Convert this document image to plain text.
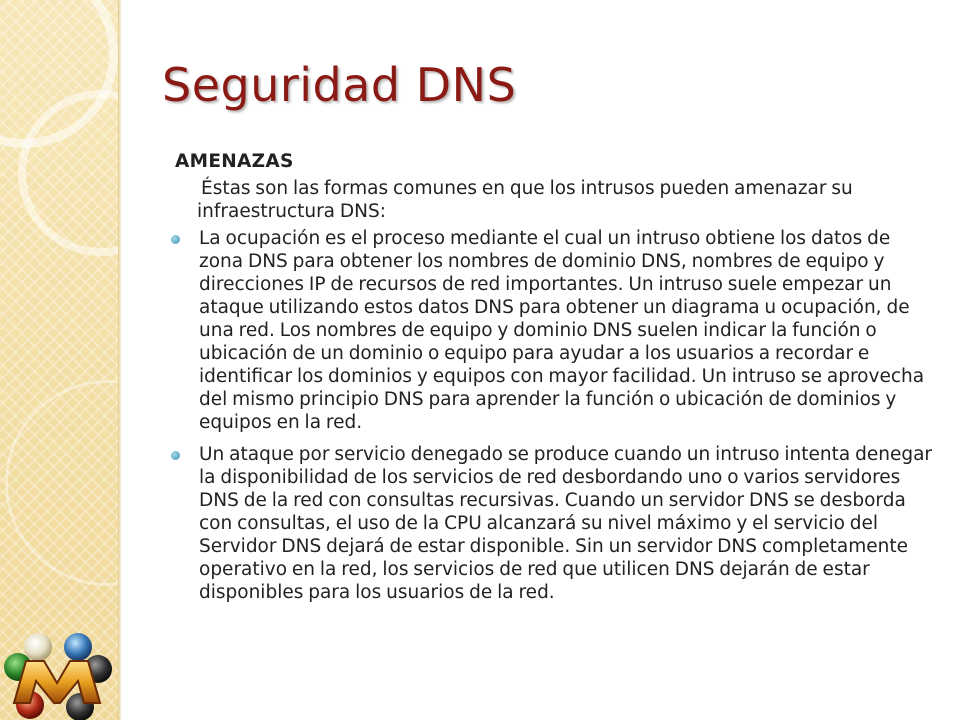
Seguridad DNS
AMENAZAS
Éstas son las formas comunes en que los intrusos pueden amenazar su infraestructura DNS:
La ocupación es el proceso mediante el cual un intruso obtiene los datos de zona DNS para obtener los nombres de dominio DNS, nombres de equipo y direcciones IP de recursos de red importantes. Un intruso suele empezar un ataque utilizando estos datos DNS para obtener un diagrama u ocupación, de una red. Los nombres de equipo y dominio DNS suelen indicar la función o ubicación de un dominio o equipo para ayudar a los usuarios a recordar e identificar los dominios y equipos con mayor facilidad. Un intruso se aprovecha del mismo principio DNS para aprender la función o ubicación de dominios y equipos en la red.
Un ataque por servicio denegado se produce cuando un intruso intenta denegar la disponibilidad de los servicios de red desbordando uno o varios servidores DNS de la red con consultas recursivas. Cuando un servidor DNS se desborda con consultas, el uso de la CPU alcanzará su nivel máximo y el servicio del Servidor DNS dejará de estar disponible. Sin un servidor DNS completamente operativo en la red, los servicios de red que utilicen DNS dejarán de estar disponibles para los usuarios de la red.
